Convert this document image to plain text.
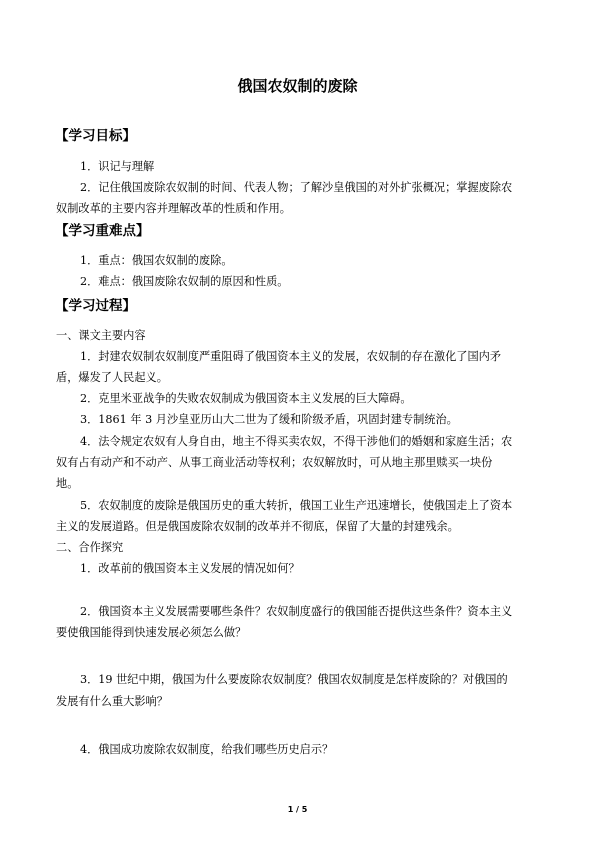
俄国农奴制的废除
【学习目标】
1．识记与理解
2．记住俄国废除农奴制的时间、代表人物；了解沙皇俄国的对外扩张概况；掌握废除农
奴制改革的主要内容并理解改革的性质和作用。
【学习重难点】
1．重点：俄国农奴制的废除。
2．难点：俄国废除农奴制的原因和性质。
【学习过程】
一、课文主要内容
1．封建农奴制农奴制度严重阻碍了俄国资本主义的发展，农奴制的存在激化了国内矛
盾，爆发了人民起义。
2．克里米亚战争的失败农奴制成为俄国资本主义发展的巨大障碍。
3．1861 年 3 月沙皇亚历山大二世为了缓和阶级矛盾，巩固封建专制统治。
4．法令规定农奴有人身自由，地主不得买卖农奴，不得干涉他们的婚姻和家庭生活；农
奴有占有动产和不动产、从事工商业活动等权利；农奴解放时，可从地主那里赎买一块份
地。
5．农奴制度的废除是俄国历史的重大转折，俄国工业生产迅速增长，使俄国走上了资本
主义的发展道路。但是俄国废除农奴制的改革并不彻底，保留了大量的封建残余。
二、合作探究
1．改革前的俄国资本主义发展的情况如何？
2．俄国资本主义发展需要哪些条件？农奴制度盛行的俄国能否提供这些条件？资本主义
要使俄国能得到快速发展必须怎么做？
3．19 世纪中期，俄国为什么要废除农奴制度？俄国农奴制度是怎样废除的？对俄国的
发展有什么重大影响？
4．俄国成功废除农奴制度，给我们哪些历史启示？
1 / 5
